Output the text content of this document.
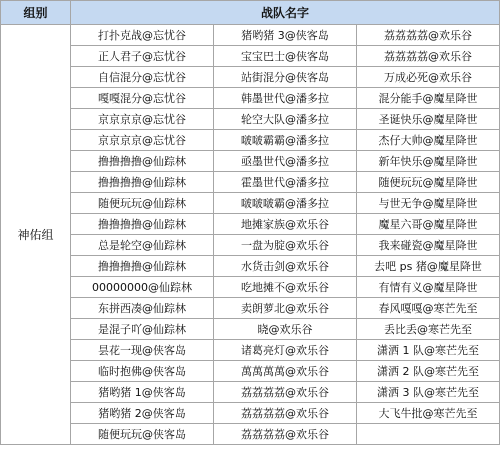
组别	战队名字		
神佑组	打扑克战@忘忧谷	猪哟猪 3@侠客岛	荔荔荔荔@欢乐谷
	正人君子@忘忧谷	宝宝巴士@侠客岛	荔荔荔荔@欢乐谷
	自信混分@忘忧谷	站街混分@侠客岛	万成必死@欢乐谷
	嘎嘎混分@忘忧谷	韩墨世代@潘多拉	混分能手@魔星降世
	京京京京@忘忧谷	轮空大队@潘多拉	圣诞快乐@魔星降世
	京京京京@忘忧谷	啵啵霸霸@潘多拉	杰仔大帅@魔星降世
	撸撸撸撸@仙踪林	亟墨世代@潘多拉	新年快乐@魔星降世
	撸撸撸撸@仙踪林	霍墨世代@潘多拉	随便玩玩@魔星降世
	随便玩玩@仙踪林	啵啵啵霸@潘多拉	与世无争@魔星降世
	撸撸撸撸@仙踪林	地摊家族@欢乐谷	魔星六哥@魔星降世
	总是轮空@仙踪林	一盘为腚@欢乐谷	我来碰瓷@魔星降世
	撸撸撸撸@仙踪林	水货击剑@欢乐谷	去吧 ps 猪@魔星降世
	00000000@仙踪林	吃地摊不@欢乐谷	有情有义@魔星降世
	东拼西凑@仙踪林	卖朗萝北@欢乐谷	春风嘎嘎@寒芒先至
	是混子吖@仙踪林	晓@欢乐谷	丢比丢@寒芒先至
	昙花一现@侠客岛	诸葛亮灯@欢乐谷	潇洒 1 队@寒芒先至
	临时抱佛@侠客岛	萬萬萬萬@欢乐谷	潇洒 2 队@寒芒先至
	猪哟猪 1@侠客岛	荔荔荔荔@欢乐谷	潇洒 3 队@寒芒先至
	猪哟猪 2@侠客岛	荔荔荔荔@欢乐谷	大飞牛批@寒芒先至
	随便玩玩@侠客岛	荔荔荔荔@欢乐谷	
